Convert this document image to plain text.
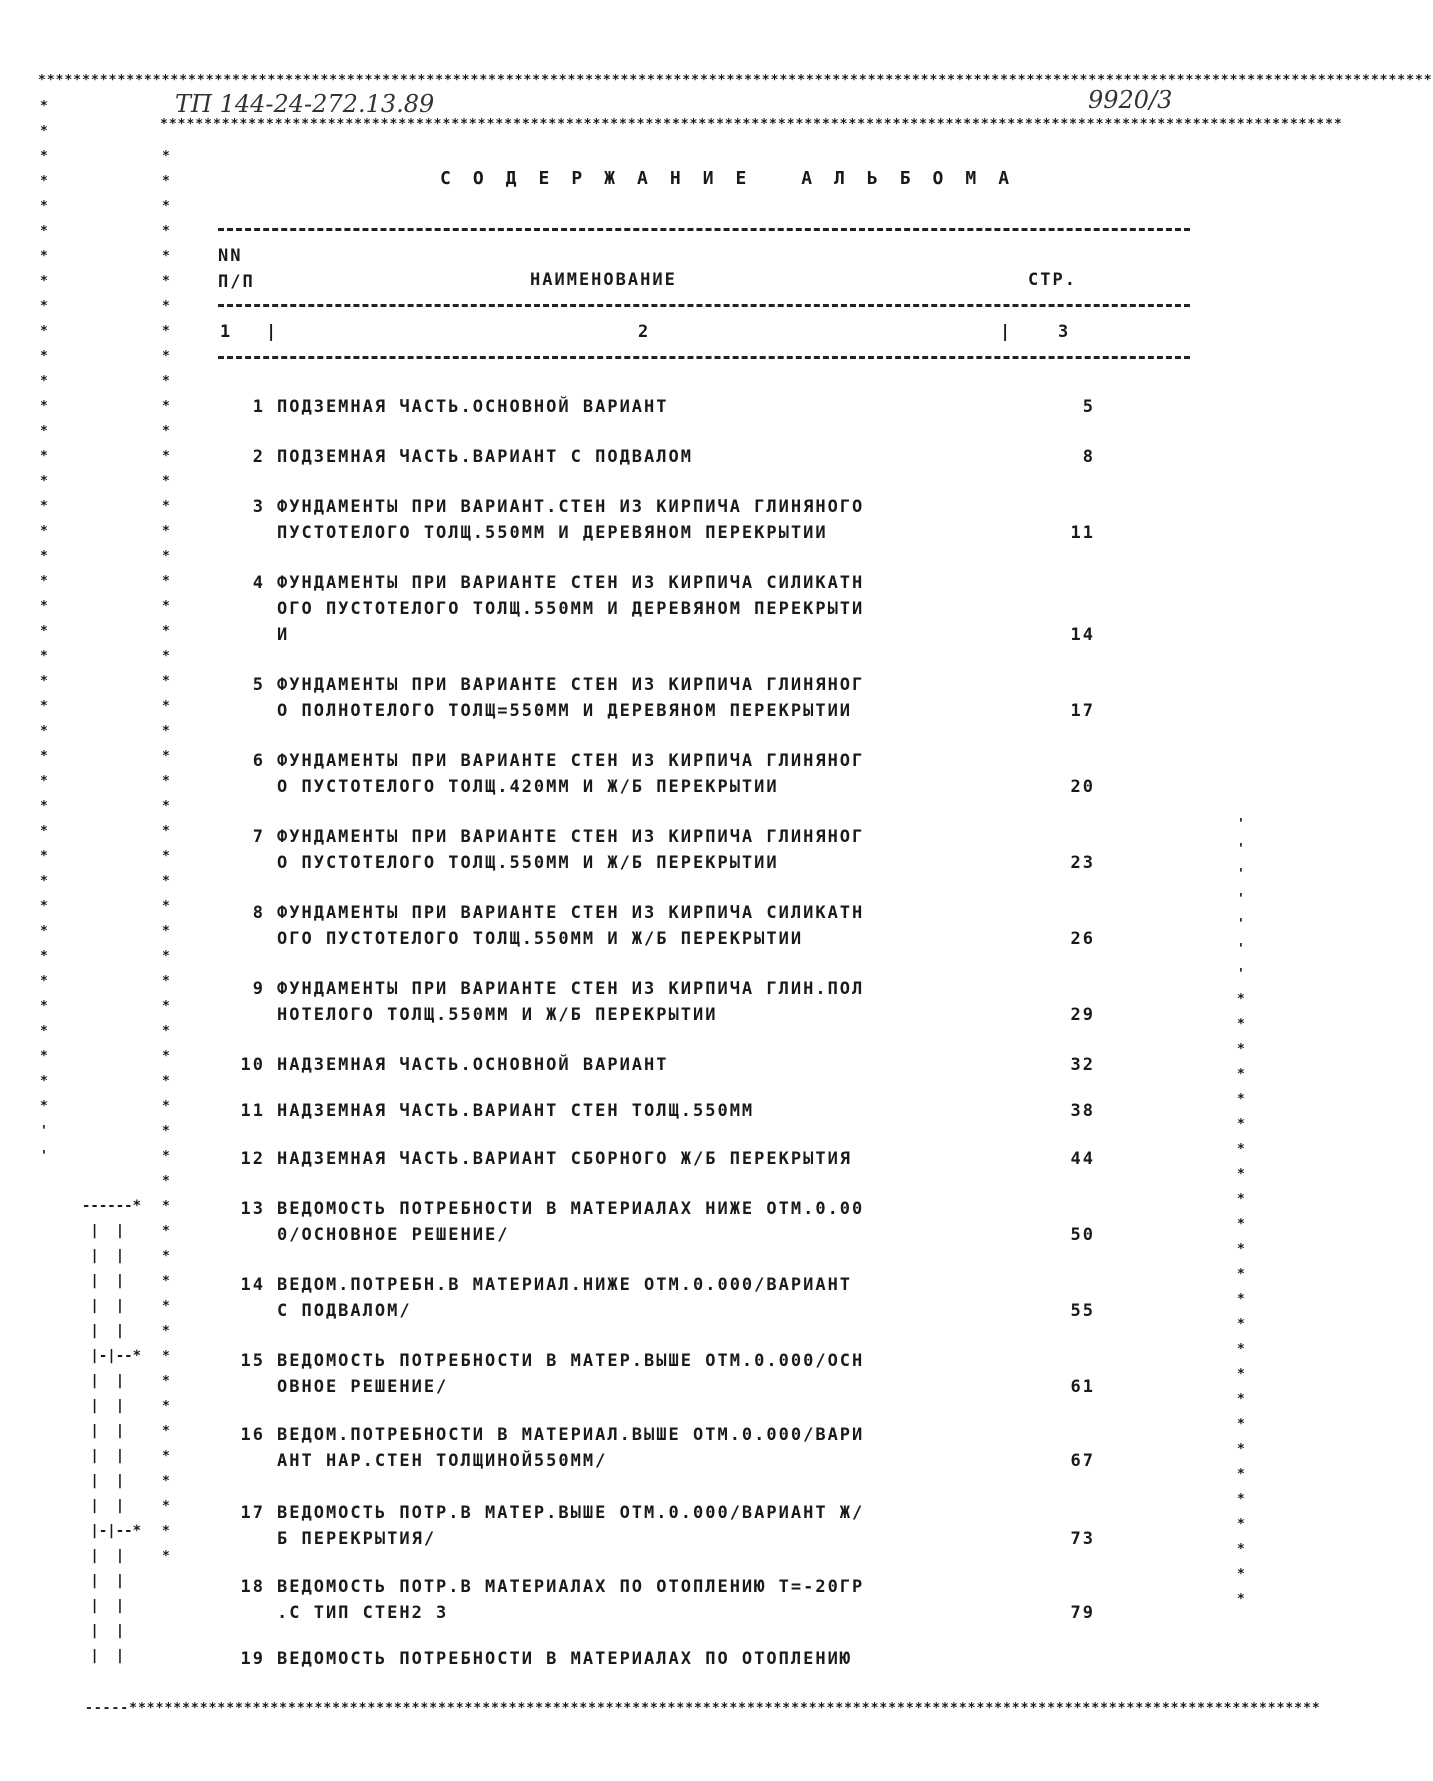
**************************************************************************************************************************************************************
ТП 144-24-272.13.89	9920/3
**************************************************************************************************************************************
*
*
*
*
*
*
*
*
*
*
*
*
*
*
*
*
*
*
*
*
*
*
*
*
*
*
*
*
*
*
*
*
*
*
*
*
*
*
*
*
*
'
'
*
*
*
*
*
*
*
*
*
*
*
*
*
*
*
*
*
*
*
*
*
*
*
*
*
*
*
*
*
*
*
*
*
*
*
*
*
*
*
*
*
*
*
*
*
*
*
*
*
*
*
*
*
*
*
*
*
------*
|  |
|  |
|  |
|  |
|  |
|-|--*
|  |
|  |
|  |
|  |
|  |
|  |
|-|--*
|  |
|  |
|  |
|  |
|  |
'
'
'
'
'
'
'
*
*
*
*
*
*
*
*
*
*
*
*
*
*
*
*
*
*
*
*
*
*
*
*
*
-----***************************************************************************************************************************************
СОДЕРЖАНИЕ АЛЬБОМА
NN
П/П	НАИМЕНОВАНИЕ	СТР.
1 |	2	|	3
1 ПОДЗЕМНАЯ ЧАСТЬ.ОСНОВНОЙ ВАРИАНТ	5
2 ПОДЗЕМНАЯ ЧАСТЬ.ВАРИАНТ С ПОДВАЛОМ	8
3 ФУНДАМЕНТЫ ПРИ ВАРИАНТ.СТЕН ИЗ КИРПИЧА ГЛИНЯНОГО
ПУСТОТЕЛОГО ТОЛЩ.550ММ И ДЕРЕВЯНОМ ПЕРЕКРЫТИИ	11
4 ФУНДАМЕНТЫ ПРИ ВАРИАНТЕ СТЕН ИЗ КИРПИЧА СИЛИКАТН
ОГО ПУСТОТЕЛОГО ТОЛЩ.550ММ И ДЕРЕВЯНОМ ПЕРЕКРЫТИ
И	14
5 ФУНДАМЕНТЫ ПРИ ВАРИАНТЕ СТЕН ИЗ КИРПИЧА ГЛИНЯНОГ
О ПОЛНОТЕЛОГО ТОЛЩ=550ММ И ДЕРЕВЯНОМ ПЕРЕКРЫТИИ	17
6 ФУНДАМЕНТЫ ПРИ ВАРИАНТЕ СТЕН ИЗ КИРПИЧА ГЛИНЯНОГ
О ПУСТОТЕЛОГО ТОЛЩ.420ММ И Ж/Б ПЕРЕКРЫТИИ	20
7 ФУНДАМЕНТЫ ПРИ ВАРИАНТЕ СТЕН ИЗ КИРПИЧА ГЛИНЯНОГ
О ПУСТОТЕЛОГО ТОЛЩ.550ММ И Ж/Б ПЕРЕКРЫТИИ	23
8 ФУНДАМЕНТЫ ПРИ ВАРИАНТЕ СТЕН ИЗ КИРПИЧА СИЛИКАТН
ОГО ПУСТОТЕЛОГО ТОЛЩ.550ММ И Ж/Б ПЕРЕКРЫТИИ	26
9 ФУНДАМЕНТЫ ПРИ ВАРИАНТЕ СТЕН ИЗ КИРПИЧА ГЛИН.ПОЛ
НОТЕЛОГО ТОЛЩ.550ММ И Ж/Б ПЕРЕКРЫТИИ	29
10 НАДЗЕМНАЯ ЧАСТЬ.ОСНОВНОЙ ВАРИАНТ	32
11 НАДЗЕМНАЯ ЧАСТЬ.ВАРИАНТ СТЕН ТОЛЩ.550ММ	38
12 НАДЗЕМНАЯ ЧАСТЬ.ВАРИАНТ СБОРНОГО Ж/Б ПЕРЕКРЫТИЯ	44
13 ВЕДОМОСТЬ ПОТРЕБНОСТИ В МАТЕРИАЛАХ НИЖЕ ОТМ.0.00
0/ОСНОВНОЕ РЕШЕНИЕ/	50
14 ВЕДОМ.ПОТРЕБН.В МАТЕРИАЛ.НИЖЕ ОТМ.0.000/ВАРИАНТ
С ПОДВАЛОМ/	55
15 ВЕДОМОСТЬ ПОТРЕБНОСТИ В МАТЕР.ВЫШЕ ОТМ.0.000/ОСН
ОВНОЕ РЕШЕНИЕ/	61
16 ВЕДОМ.ПОТРЕБНОСТИ В МАТЕРИАЛ.ВЫШЕ ОТМ.0.000/ВАРИ
АНТ НАР.СТЕН ТОЛЩИНОЙ550ММ/	67
17 ВЕДОМОСТЬ ПОТР.В МАТЕР.ВЫШЕ ОТМ.0.000/ВАРИАНТ Ж/
Б ПЕРЕКРЫТИЯ/	73
18 ВЕДОМОСТЬ ПОТР.В МАТЕРИАЛАХ ПО ОТОПЛЕНИЮ Т=-20ГР
.С ТИП СТЕН2 3	79
19 ВЕДОМОСТЬ ПОТРЕБНОСТИ В МАТЕРИАЛАХ ПО ОТОПЛЕНИЮ
